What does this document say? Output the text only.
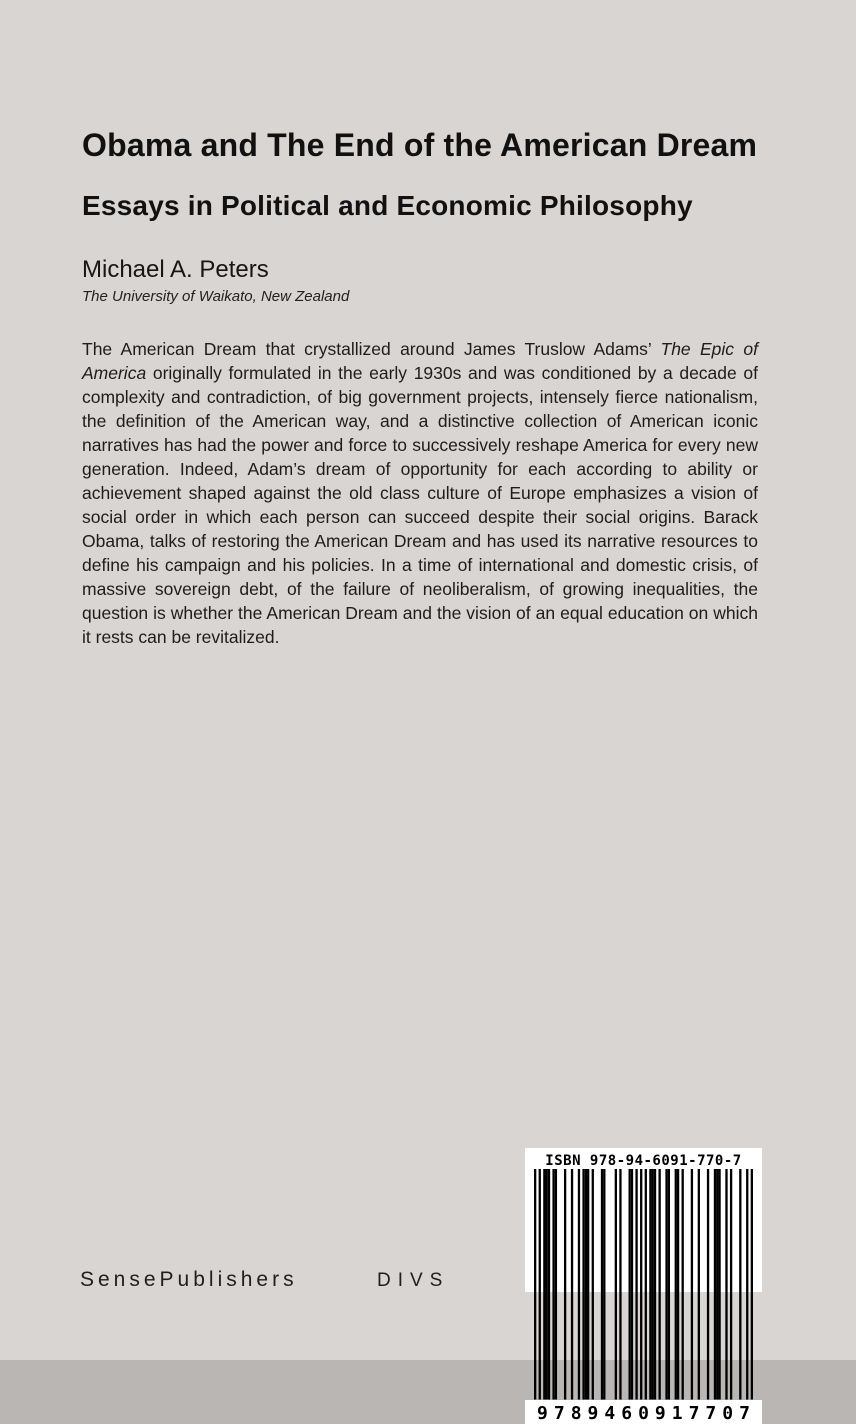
Obama and The End of the American Dream
Essays in Political and Economic Philosophy
Michael A. Peters
The University of Waikato, New Zealand

The American Dream that crystallized around James Truslow Adams’ The Epic of America originally formulated in the early 1930s and was conditioned by a decade of complexity and contradiction, of big government projects, intensely fierce nationalism, the definition of the American way, and a distinctive collection of American iconic narratives has had the power and force to successively reshape America for every new generation. Indeed, Adam’s dream of opportunity for each according to ability or achievement shaped against the old class culture of Europe emphasizes a vision of social order in which each person can succeed despite their social origins. Barack Obama, talks of restoring the American Dream and has used its narrative resources to define his campaign and his policies. In a time of international and domestic crisis, of massive sovereign debt, of the failure of neoliberalism, of growing inequalities, the question is whether the American Dream and the vision of an equal education on which it rests can be revitalized.

ISBN 978-94-6091-770-7
9789460917707
SensePublishers	DIVS
